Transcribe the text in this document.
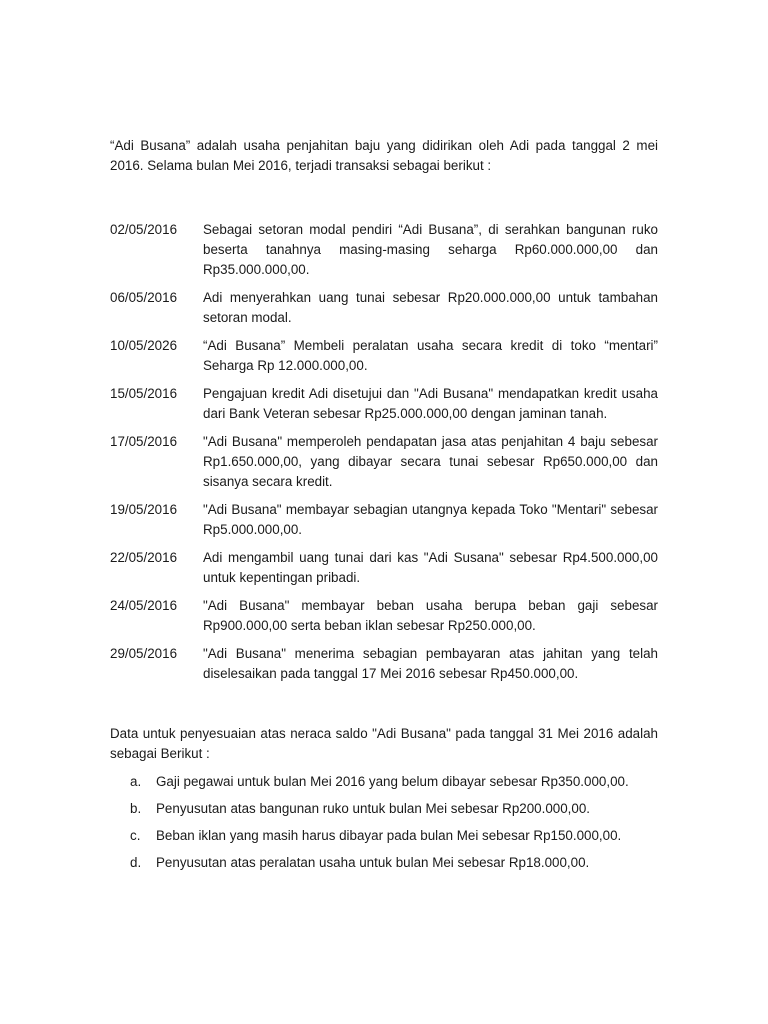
“Adi Busana” adalah usaha penjahitan baju yang didirikan oleh Adi pada tanggal 2 mei 2016. Selama bulan Mei 2016, terjadi transaksi sebagai berikut :

02/05/2016	Sebagai setoran modal pendiri “Adi Busana”, di serahkan bangunan ruko beserta tanahnya masing-masing seharga Rp60.000.000,00 dan Rp35.000.000,00.
06/05/2016	Adi menyerahkan uang tunai sebesar Rp20.000.000,00 untuk tambahan setoran modal.
10/05/2026	“Adi Busana” Membeli peralatan usaha secara kredit di toko “mentari” Seharga Rp 12.000.000,00.
15/05/2016	Pengajuan kredit Adi disetujui dan "Adi Busana" mendapatkan kredit usaha dari Bank Veteran sebesar Rp25.000.000,00 dengan jaminan tanah.
17/05/2016	"Adi Busana" memperoleh pendapatan jasa atas penjahitan 4 baju sebesar Rp1.650.000,00, yang dibayar secara tunai sebesar Rp650.000,00 dan sisanya secara kredit.
19/05/2016	"Adi Busana" membayar sebagian utangnya kepada Toko "Mentari" sebesar Rp5.000.000,00.
22/05/2016	Adi mengambil uang tunai dari kas "Adi Susana" sebesar Rp4.500.000,00 untuk kepentingan pribadi.
24/05/2016	"Adi Busana" membayar beban usaha berupa beban gaji sebesar Rp900.000,00 serta beban iklan sebesar Rp250.000,00.
29/05/2016	"Adi Busana" menerima sebagian pembayaran atas jahitan yang telah diselesaikan pada tanggal 17 Mei 2016 sebesar Rp450.000,00.

Data untuk penyesuaian atas neraca saldo "Adi Busana" pada tanggal 31 Mei 2016 adalah sebagai Berikut :

a.	Gaji pegawai untuk bulan Mei 2016 yang belum dibayar sebesar Rp350.000,00.
b.	Penyusutan atas bangunan ruko untuk bulan Mei sebesar Rp200.000,00.
c.	Beban iklan yang masih harus dibayar pada bulan Mei sebesar Rp150.000,00.
d.	Penyusutan atas peralatan usaha untuk bulan Mei sebesar Rp18.000,00.
